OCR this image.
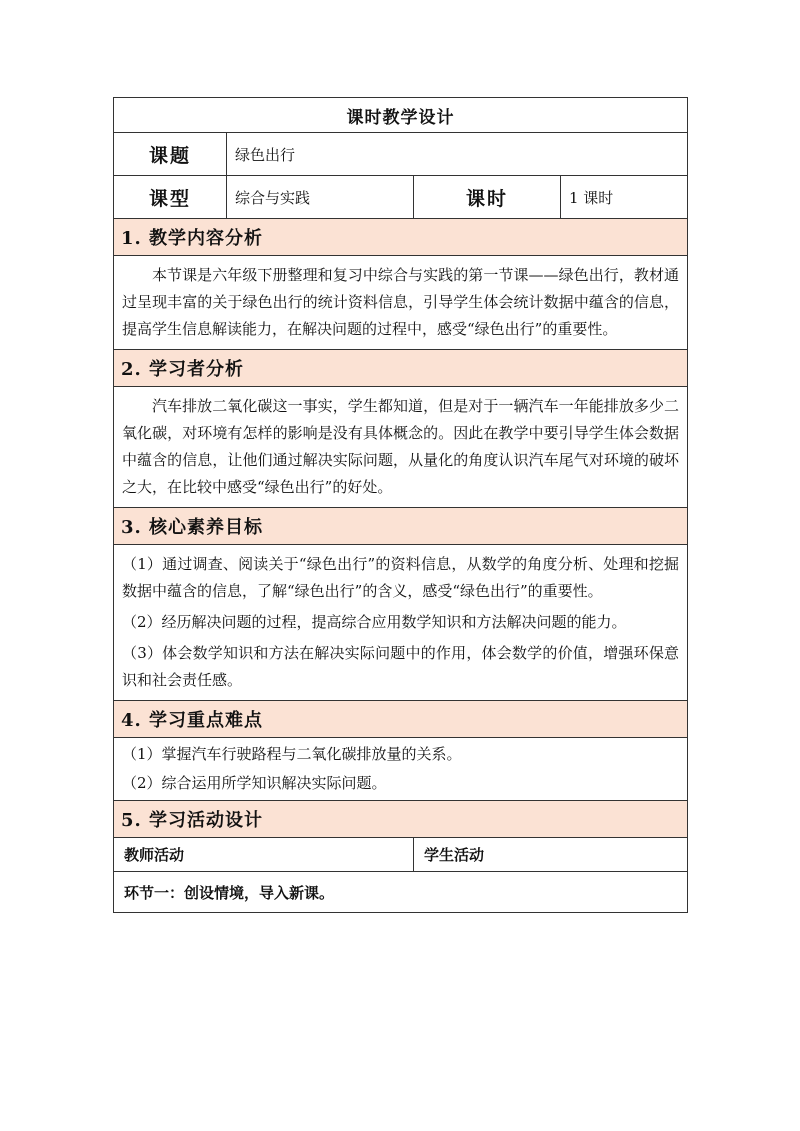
课时教学设计			
课题	绿色出行		
课型	综合与实践	课时	1 课时
1. 教学内容分析			

本节课是六年级下册整理和复习中综合与实践的第一节课——绿色出行，教材通过呈现丰富的关于绿色出行的统计资料信息，引导学生体会统计数据中蕴含的信息，提高学生信息解读能力，在解决问题的过程中，感受“绿色出行”的重要性。			

2. 学习者分析			

汽车排放二氧化碳这一事实，学生都知道，但是对于一辆汽车一年能排放多少二氧化碳，对环境有怎样的影响是没有具体概念的。因此在教学中要引导学生体会数据中蕴含的信息，让他们通过解决实际问题，从量化的角度认识汽车尾气对环境的破坏之大，在比较中感受“绿色出行”的好处。			

3. 核心素养目标			

（1）通过调查、阅读关于“绿色出行”的资料信息，从数学的角度分析、处理和挖掘数据中蕴含的信息，了解“绿色出行”的含义，感受“绿色出行”的重要性。

（2）经历解决问题的过程，提高综合应用数学知识和方法解决问题的能力。

（3）体会数学知识和方法在解决实际问题中的作用，体会数学的价值，增强环保意识和社会责任感。			

4. 学习重点难点			

（1）掌握汽车行驶路程与二氧化碳排放量的关系。

（2）综合运用所学知识解决实际问题。			

5. 学习活动设计			
教师活动		学生活动	
环节一：创设情境，导入新课。			
